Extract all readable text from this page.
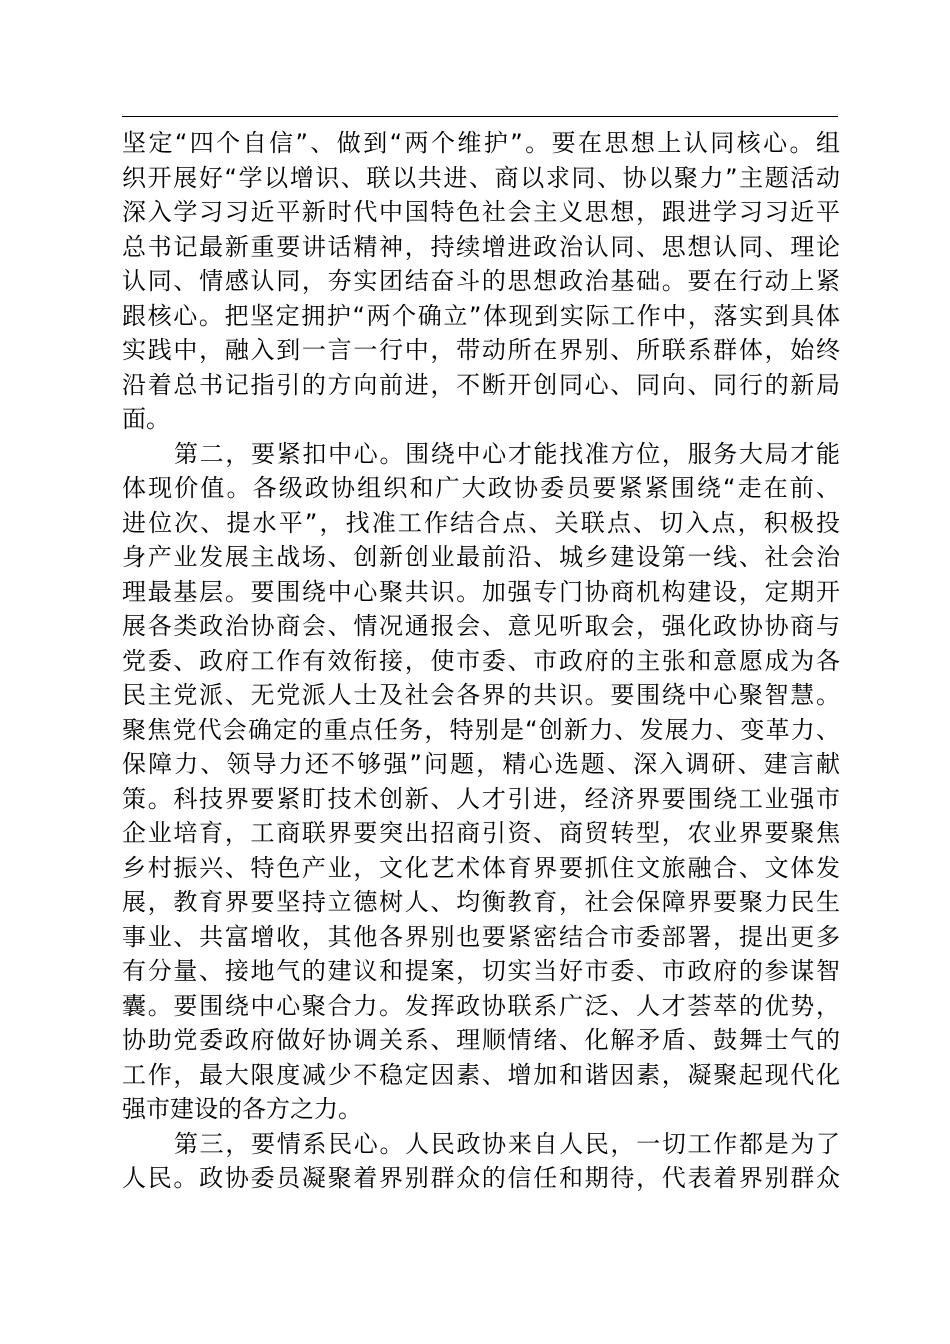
坚定“四个自信”、做到“两个维护”。要在思想上认同核心。组
织开展好“学以增识、联以共进、商以求同、协以聚力”主题活动
深入学习习近平新时代中国特色社会主义思想，跟进学习习近平
总书记最新重要讲话精神，持续增进政治认同、思想认同、理论
认同、情感认同，夯实团结奋斗的思想政治基础。要在行动上紧
跟核心。把坚定拥护“两个确立”体现到实际工作中，落实到具体
实践中，融入到一言一行中，带动所在界别、所联系群体，始终
沿着总书记指引的方向前进，不断开创同心、同向、同行的新局
面。
第二，要紧扣中心。围绕中心才能找准方位，服务大局才能
体现价值。各级政协组织和广大政协委员要紧紧围绕“走在前、
进位次、提水平”，找准工作结合点、关联点、切入点，积极投
身产业发展主战场、创新创业最前沿、城乡建设第一线、社会治
理最基层。要围绕中心聚共识。加强专门协商机构建设，定期开
展各类政治协商会、情况通报会、意见听取会，强化政协协商与
党委、政府工作有效衔接，使市委、市政府的主张和意愿成为各
民主党派、无党派人士及社会各界的共识。要围绕中心聚智慧。
聚焦党代会确定的重点任务，特别是“创新力、发展力、变革力、
保障力、领导力还不够强”问题，精心选题、深入调研、建言献
策。科技界要紧盯技术创新、人才引进，经济界要围绕工业强市
企业培育，工商联界要突出招商引资、商贸转型，农业界要聚焦
乡村振兴、特色产业，文化艺术体育界要抓住文旅融合、文体发
展，教育界要坚持立德树人、均衡教育，社会保障界要聚力民生
事业、共富增收，其他各界别也要紧密结合市委部署，提出更多
有分量、接地气的建议和提案，切实当好市委、市政府的参谋智
囊。要围绕中心聚合力。发挥政协联系广泛、人才荟萃的优势，
协助党委政府做好协调关系、理顺情绪、化解矛盾、鼓舞士气的
工作，最大限度减少不稳定因素、增加和谐因素，凝聚起现代化
强市建设的各方之力。
第三，要情系民心。人民政协来自人民，一切工作都是为了
人民。政协委员凝聚着界别群众的信任和期待，代表着界别群众
